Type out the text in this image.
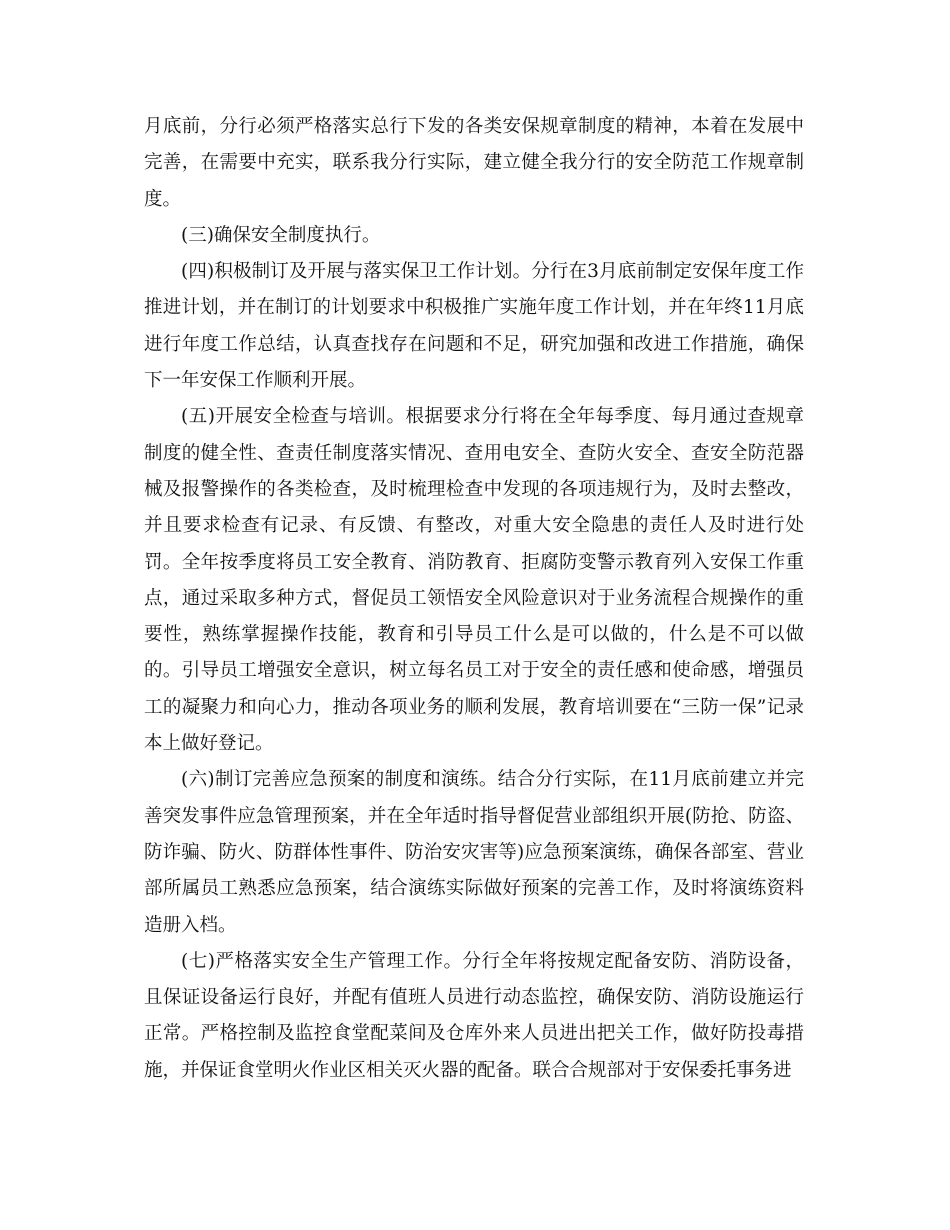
月底前，分行必须严格落实总行下发的各类安保规章制度的精神，本着在发展中完善，在需要中充实，联系我分行实际，建立健全我分行的安全防范工作规章制度。

(三)确保安全制度执行。

(四)积极制订及开展与落实保卫工作计划。分行在3月底前制定安保年度工作推进计划，并在制订的计划要求中积极推广实施年度工作计划，并在年终11月底进行年度工作总结，认真查找存在问题和不足，研究加强和改进工作措施，确保下一年安保工作顺利开展。

(五)开展安全检查与培训。根据要求分行将在全年每季度、每月通过查规章制度的健全性、查责任制度落实情况、查用电安全、查防火安全、查安全防范器械及报警操作的各类检查，及时梳理检查中发现的各项违规行为，及时去整改，并且要求检查有记录、有反馈、有整改，对重大安全隐患的责任人及时进行处罚。全年按季度将员工安全教育、消防教育、拒腐防变警示教育列入安保工作重点，通过采取多种方式，督促员工领悟安全风险意识对于业务流程合规操作的重要性，熟练掌握操作技能，教育和引导员工什么是可以做的，什么是不可以做的。引导员工增强安全意识，树立每名员工对于安全的责任感和使命感，增强员工的凝聚力和向心力，推动各项业务的顺利发展，教育培训要在“三防一保”记录本上做好登记。

(六)制订完善应急预案的制度和演练。结合分行实际，在11月底前建立并完善突发事件应急管理预案，并在全年适时指导督促营业部组织开展(防抢、防盗、防诈骗、防火、防群体性事件、防治安灾害等)应急预案演练，确保各部室、营业部所属员工熟悉应急预案，结合演练实际做好预案的完善工作，及时将演练资料造册入档。

(七)严格落实安全生产管理工作。分行全年将按规定配备安防、消防设备，且保证设备运行良好，并配有值班人员进行动态监控，确保安防、消防设施运行正常。严格控制及监控食堂配菜间及仓库外来人员进出把关工作，做好防投毒措施，并保证食堂明火作业区相关灭火器的配备。联合合规部对于安保委托事务进
